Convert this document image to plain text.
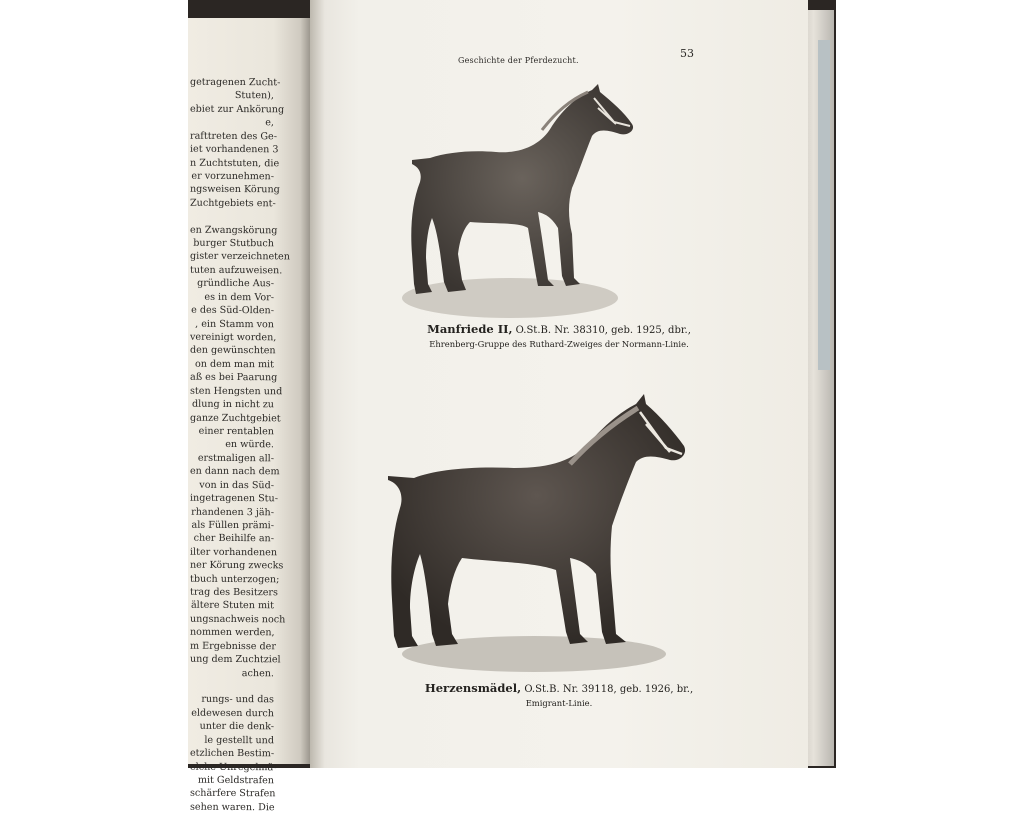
getragenen Zucht-
Stuten),
ebiet zur Ankörung
e,
rafttreten des Ge-
iet vorhandenen 3
n Zuchtstuten, die
er vorzunehmen-
ngsweisen Körung
Zuchtgebiets ent-

en Zwangskörung
burger Stutbuch
gister verzeichneten
tuten aufzuweisen.
gründliche Aus-
es in dem Vor-
e des Süd-Olden-
, ein Stamm von
vereinigt worden,
den gewünschten
on dem man mit
aß es bei Paarung
sten Hengsten und
dlung in nicht zu
ganze Zuchtgebiet
einer rentablen
en würde.
erstmaligen all-
en dann nach dem
von in das Süd-
ingetragenen Stu-
rhandenen 3 jäh-
als Füllen prämi-
cher Beihilfe an-
ilter vorhandenen
ner Körung zwecks
tbuch unterzogen;
trag des Besitzers
ältere Stuten mit
ungsnachweis noch
nommen werden,
m Ergebnisse der
ung dem Zuchtziel
achen.

rungs- und das
eldewesen durch
unter die denk-
le gestellt und
etzlichen Bestim-
elche Unregelmä-
mit Geldstrafen
schärfere Strafen
sehen waren. Die
Geschichte der Pferdezucht.
53
Manfriede II, O.St.B. Nr. 38310, geb. 1925, dbr.,
Ehrenberg-Gruppe des Ruthard-Zweiges der Normann-Linie.
Herzensmädel, O.St.B. Nr. 39118, geb. 1926, br.,
Emigrant-Linie.
